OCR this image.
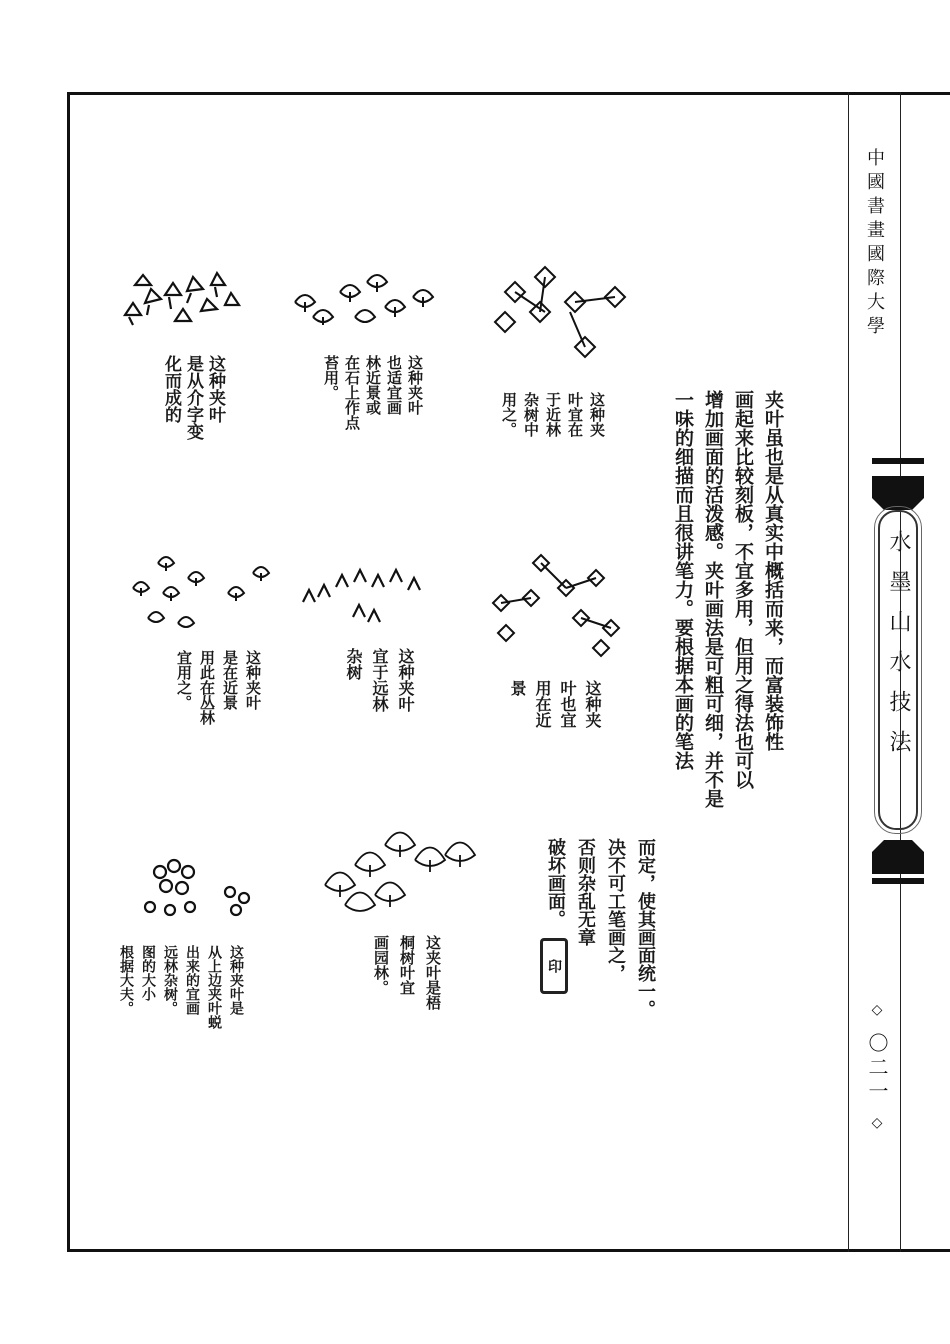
中國書畫國際大學
水墨山水技法
◇ 〇二一 ◇
这种夹叶
是从介字变
化而成的	这种夹叶
也适宜画
林近景或
在石上作点
苔用。
这种夹
叶宜在
于近林
杂树中
用之。
这种夹叶
是在近景
用此在丛林
宜用之。	这种夹叶
宜于远林
杂树
这种夹
叶也宜
用在近
景
这种夹叶是
从上边夹叶蜕
出来的宜画
远林杂树。
图的大小
根据大夫。	这夹叶是梧
桐树叶宜
画园林。
夹叶虽也是从真实中概括而来，而富装饰性
画起来比较刻板，不宜多用，但用之得法也可以
增加画面的活泼感。夹叶画法是可粗可细，并不是
一味的细描而且很讲笔力。要根据本画的笔法
而定，使其画面统一。
决不可工笔画之，
否则杂乱无章
破坏画面。
印
